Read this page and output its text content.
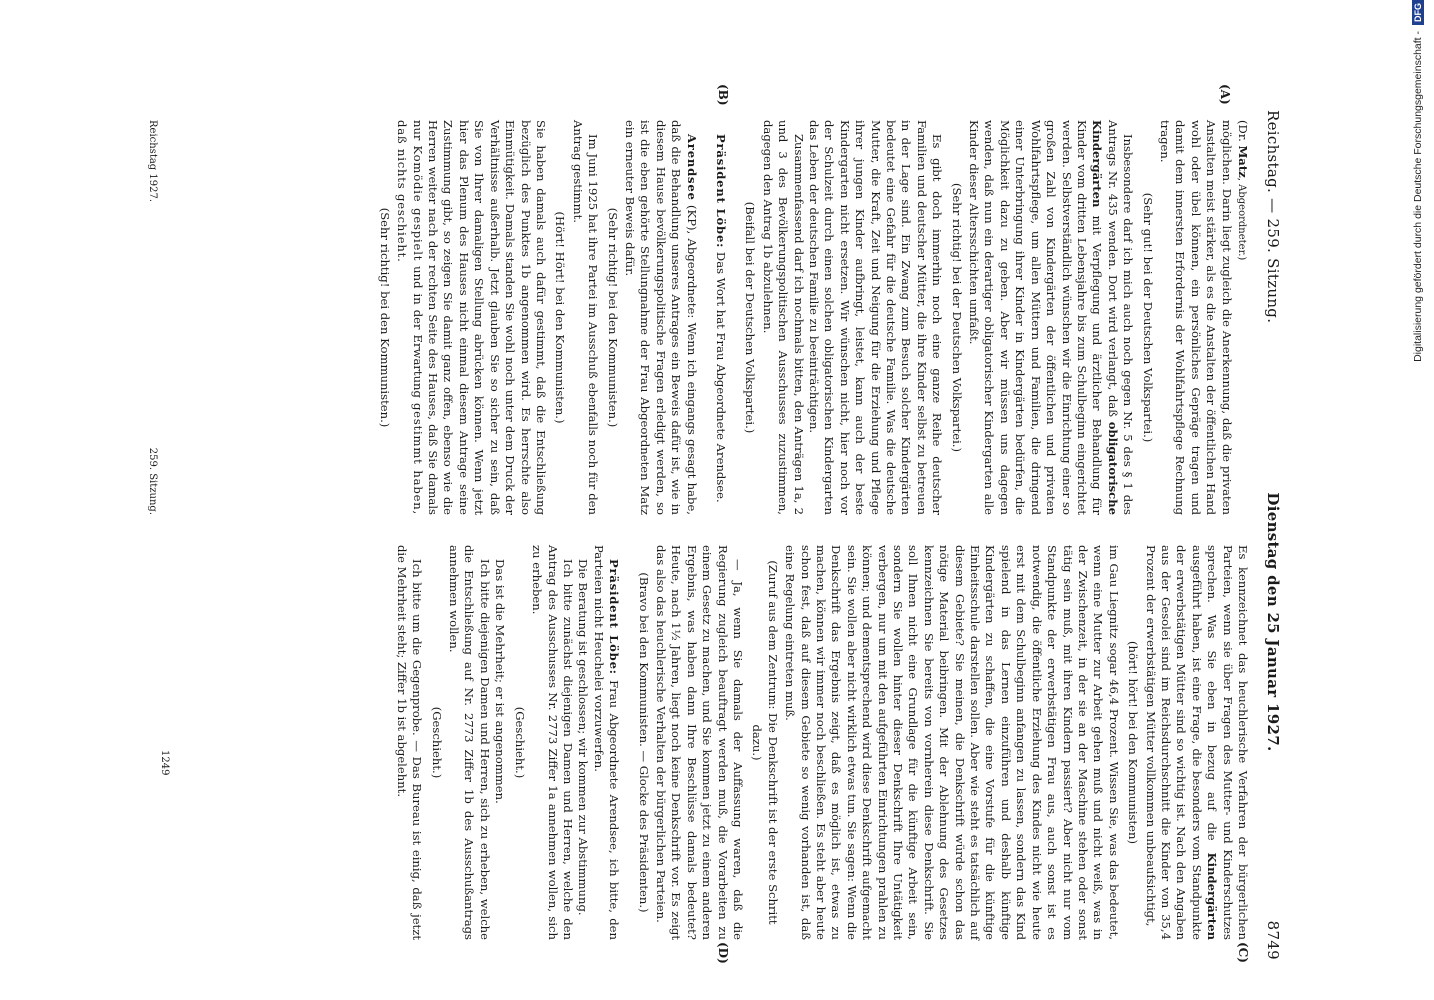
Reichstag. — 259. Sitzung.
Dienstag den 25 Januar 1927.
8749
(A)
(B)
(C)
(D)

(Dr. Matz, Abgeordneter.)

möglichen. Darin liegt zugleich die Anerkennung, daß die privaten Anstalten meist stärker, als es die Anstalten der öffentlichen Hand wohl oder übel können, ein persönliches Gepräge tragen und damit dem innersten Erfordernis der Wohlfahrtspflege Rechnung tragen.

(Sehr gut! bei der Deutschen Volkspartei.)

Insbesondere darf ich mich auch noch gegen Nr. 5 des § 1 des Antrags Nr. 435 wenden. Dort wird verlangt, daß obligatorische Kindergärten mit Verpflegung und ärztlicher Behandlung für Kinder vom dritten Lebensjahre bis zum Schulbeginn eingerichtet werden. Selbstverständlich wünschen wir die Einrichtung einer so großen Zahl von Kindergärten der öffentlichen und privaten Wohlfahrtspflege, um allen Müttern und Familien, die dringend einer Unterbringung ihrer Kinder in Kindergärten bedürfen, die Möglichkeit dazu zu geben. Aber wir müssen uns dagegen wenden, daß nun ein derartiger obligatorischer Kindergarten alle Kinder dieser Altersschichten umfaßt.

(Sehr richtig! bei der Deutschen Volkspartei.)

Es gibt doch immerhin noch eine ganze Reihe deutscher Familien und deutscher Mütter, die ihre Kinder selbst zu betreuen in der Lage sind. Ein Zwang zum Besuch solcher Kindergärten bedeutet eine Gefahr für die deutsche Familie. Was die deutsche Mutter, die Kraft, Zeit und Neigung für die Erziehung und Pflege ihrer jungen Kinder aufbringt, leistet, kann auch der beste Kindergarten nicht ersetzen. Wir wünschen nicht, hier noch vor der Schulzeit durch einen solchen obligatorischen Kindergarten das Leben der deutschen Familie zu beeinträchtigen.

Zusammenfassend darf ich nochmals bitten, den Anträgen 1a, 2 und 3 des Bevölkerungspolitischen Ausschusses zuzustimmen, dagegen den Antrag 1b abzulehnen.

(Beifall bei der Deutschen Volkspartei.)

Präsident Löbe: Das Wort hat Frau Abgeordnete Arendsee.

Arendsee (KP), Abgeordnete: Wenn ich eingangs gesagt habe, daß die Behandlung unseres Antrages ein Beweis dafür ist, wie in diesem Hause bevölkerungspolitische Fragen erledigt werden, so ist die eben gehörte Stellungnahme der Frau Abgeordneten Matz ein erneuter Beweis dafür.

(Sehr richtig! bei den Kommunisten.)

Im Juni 1925 hat ihre Partei im Ausschuß ebenfalls noch für den Antrag gestimmt.

(Hört! Hört! bei den Kommunisten.)

Sie haben damals auch dafür gestimmt, daß die Entschließung bezüglich des Punktes 1b angenommen wird. Es herrschte also Einmütigkeit. Damals standen Sie wohl noch unter dem Druck der Verhältnisse außerhalb. Jetzt glauben Sie so sicher zu sein, daß Sie von Ihrer damaligen Stellung abrücken können. Wenn jetzt hier das Plenum des Hauses nicht einmal diesem Antrage seine Zustimmung gibt, so zeigen Sie damit ganz offen, ebenso wie die Herren weiter nach der rechten Seite des Hauses, daß Sie damals nur Komödie gespielt und in der Erwartung gestimmt haben, daß nichts geschieht.

(Sehr richtig! bei den Kommunisten.)

Es kennzeichnet das heuchlerische Verfahren der bürgerlichen Parteien, wenn sie über Fragen des Mutter- und Kinderschutzes sprechen. Was Sie eben in bezug auf die Kindergärten ausgeführt haben, ist eine Frage, die besonders vom Standpunkte der erwerbstätigen Mütter sind so wichtig ist. Nach den Angaben aus der Gesolei sind im Reichsdurchschnitt die Kinder von 35,4 Prozent der erwerbstätigen Mütter vollkommen unbeaufsichtigt,

(hört! hört! bei den Kommunisten)

im Gau Liegnitz sogar 46,4 Prozent. Wissen Sie, was das bedeutet, wenn eine Mutter zur Arbeit gehen muß und nicht weiß, was in der Zwischenzeit, in der sie an der Maschine stehen oder sonst tätig sein muß, mit ihren Kindern passiert? Aber nicht nur vom Standpunkte der erwerbstätigen Frau aus, auch sonst ist es notwendig, die öffentliche Erziehung des Kindes nicht wie heute erst mit dem Schulbeginn anfangen zu lassen, sondern das Kind spielend in das Lernen einzuführen und deshalb künftige Kindergärten zu schaffen, die eine Vorstufe für die künftige Einheitsschule darstellen sollen. Aber wie steht es tatsächlich auf diesem Gebiete? Sie meinen, die Denkschrift würde schon das nötige Material beibringen. Mit der Ablehnung des Gesetzes kennzeichnen Sie bereits von vornherein diese Denkschrift. Sie soll Ihnen nicht eine Grundlage für die künftige Arbeit sein, sondern Sie wollen hinter dieser Denkschrift Ihre Untätigkeit verbergen, nur um mit den aufgeführten Einrichtungen prahlen zu können; und dementsprechend wird diese Denkschrift aufgemacht sein. Sie wollen aber nicht wirklich etwas tun. Sie sagen: Wenn die Denkschrift das Ergebnis zeigt, daß es möglich ist, etwas zu machen, können wir immer noch beschließen. Es steht aber heute schon fest, daß auf diesem Gebiete so wenig vorhanden ist, daß eine Regelung eintreten muß.

(Zuruf aus dem Zentrum: Die Denkschrift ist der erste Schritt dazu.)

— Ja, wenn Sie damals der Auffassung waren, daß die Regierung zugleich beauftragt werden muß, die Vorarbeiten zu einem Gesetz zu machen, und Sie kommen jetzt zu einem anderen Ergebnis, was haben dann Ihre Beschlüsse damals bedeutet? Heute, nach 1½ Jahren, liegt noch keine Denkschrift vor. Es zeigt das also das heuchlerische Verhalten der bürgerlichen Parteien.

(Bravo bei den Kommunisten. — Glocke des Präsidenten.)

Präsident Löbe: Frau Abgeordnete Arendsee, ich bitte, den Parteien nicht Heuchelei vorzuwerfen.

Die Beratung ist geschlossen; wir kommen zur Abstimmung.

Ich bitte zunächst diejenigen Damen und Herren, welche den Antrag des Ausschusses Nr. 2773 Ziffer 1a annehmen wollen, sich zu erheben.

(Geschieht.)

Das ist die Mehrheit; er ist angenommen.

Ich bitte diejenigen Damen und Herren, sich zu erheben, welche die Entschließung auf Nr. 2773 Ziffer 1b des Ausschußantrags annehmen wollen.

(Geschieht.)

Ich bitte um die Gegenprobe. — Das Bureau ist einig, daß jetzt die Mehrheit steht; Ziffer 1b ist abgelehnt.

Reichstag 1927.
259. Sitzung.
1249
Digitalisierung gefördert durch die Deutsche Forschungsgemeinschaft -
DFG
